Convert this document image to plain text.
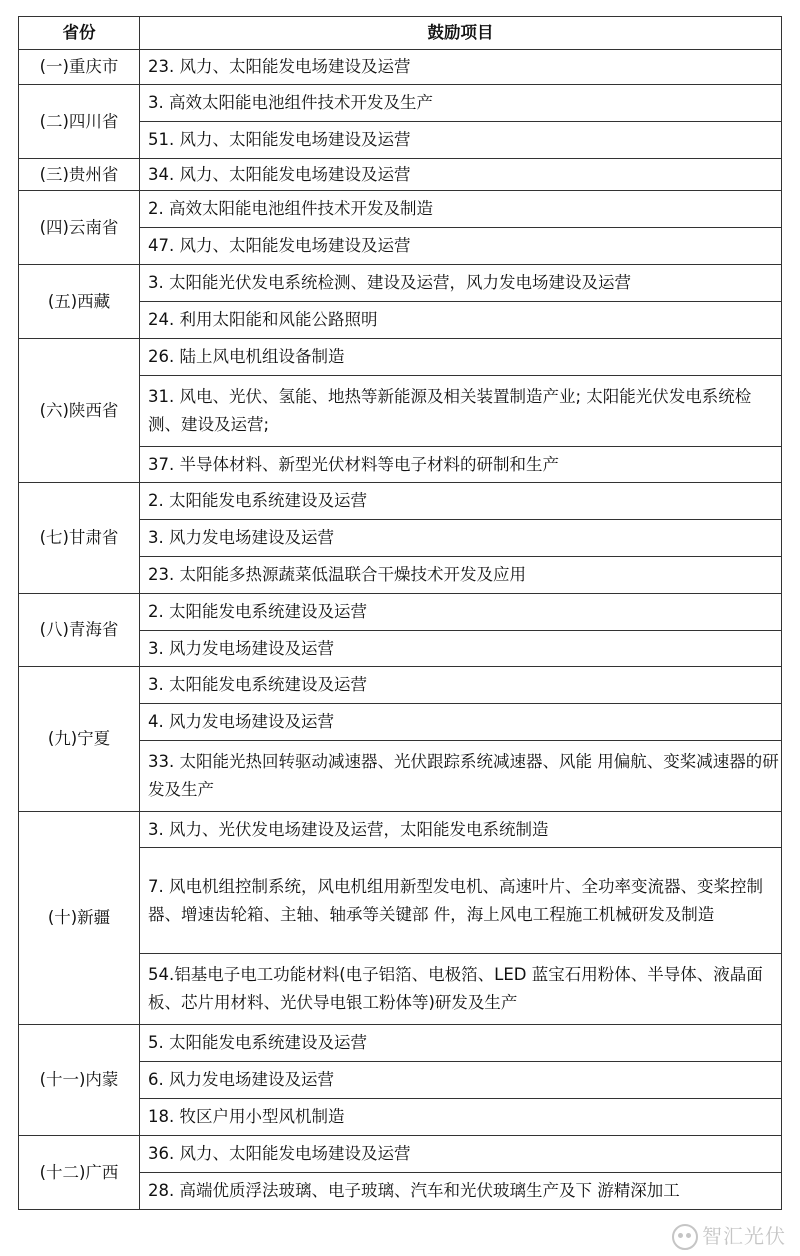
省份	鼓励项目
(一)重庆市	23. 风力、太阳能发电场建设及运营
(二)四川省	3. 高效太阳能电池组件技术开发及生产
	51. 风力、太阳能发电场建设及运营
(三)贵州省	34. 风力、太阳能发电场建设及运营
(四)云南省	2. 高效太阳能电池组件技术开发及制造
	47. 风力、太阳能发电场建设及运营
(五)西藏	3. 太阳能光伏发电系统检测、建设及运营，风力发电场建设及运营
	24. 利用太阳能和风能公路照明
(六)陕西省	26. 陆上风电机组设备制造
	31. 风电、光伏、氢能、地热等新能源及相关装置制造产业; 太阳能光伏发电系统检测、建设及运营;
	37. 半导体材料、新型光伏材料等电子材料的研制和生产
(七)甘肃省	2. 太阳能发电系统建设及运营
	3. 风力发电场建设及运营
	23. 太阳能多热源蔬菜低温联合干燥技术开发及应用
(八)青海省	2. 太阳能发电系统建设及运营
	3. 风力发电场建设及运营
(九)宁夏	3. 太阳能发电系统建设及运营
	4. 风力发电场建设及运营
	33. 太阳能光热回转驱动减速器、光伏跟踪系统减速器、风能 用偏航、变桨减速器的研发及生产
(十)新疆	3. 风力、光伏发电场建设及运营，太阳能发电系统制造
	7. 风电机组控制系统，风电机组用新型发电机、高速叶片、全功率变流器、变桨控制器、增速齿轮箱、主轴、轴承等关键部 件，海上风电工程施工机械研发及制造
	54.铝基电子电工功能材料(电子铝箔、电极箔、LED 蓝宝石用粉体、半导体、液晶面 板、芯片用材料、光伏导电银工粉体等)研发及生产
(十一)内蒙	5. 太阳能发电系统建设及运营
	6. 风力发电场建设及运营
	18. 牧区户用小型风机制造
(十二)广西	36. 风力、太阳能发电场建设及运营
	28. 高端优质浮法玻璃、电子玻璃、汽车和光伏玻璃生产及下 游精深加工
智汇光伏
